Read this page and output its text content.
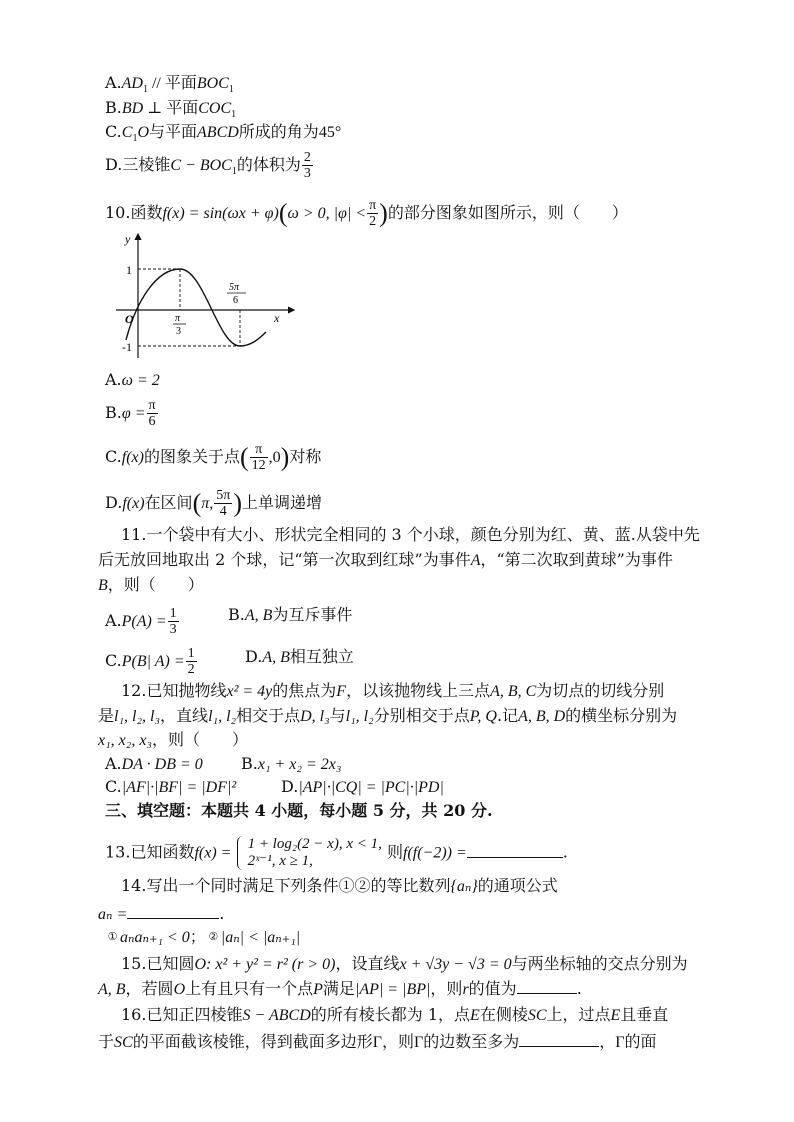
$A.AD_1$ // 平面$BOC_1$
B.BD ⊥ 平面$COC_1$
$C.C_1O$与平面ABCD所成的角为45°
D.三棱锥$C - BOC_1$的体积为 $\frac{2}{3}$
10.函数f(x) = sin(ωx + φ)(ω > 0, $|\varphi| < \frac{\pi}{2}$ )的部分图象如图所示，则（　　）
y
x
O
1
-1
π
3
5π
6
A.ω = 2
$B.\varphi = \frac{\pi}{6}$
C.f(x)的图象关于点( $\frac{\pi}{12} ,0$)对称
D.f(x)在区间(π, $\frac{5\pi}{4}$ )上单调递增
11.一个袋中有大小、形状完全相同的 3 个小球，颜色分别为红、黄、蓝.从袋中先
后无放回地取出 2 个球，记“第一次取到红球”为事件A，“第二次取到黄球”为事件
B，则（　　）
$A.P(A) = \frac{1}{3}$	B.A, B为互斥事件
C.P(B| $A) = \frac{1}{2}$	D.A, B相互独立
12.已知抛物线x² = 4y的焦点为F，以该抛物线上三点A, B, C为切点的切线分别
是l₁, l₂, l₃，直线l₁, l₂相交于点D, l₃与l₁, l₂分别相交于点P, Q.记A, B, D的横坐标分别为
x₁, x₂, x₃，则（　　）
A.DA · DB = 0 B.x₁ + x₂ = 2x₃
C.|AF|·|BF| = |DF|²	D.|AP|·|CQ| = |PC|·|PD|
三、填空题：本题共 4 小题，每小题 5 分，共 20 分.
13.已知函数f(x) =
1 + log₂(2 − x), x < 1,
2ˣ⁻¹, x ≥ 1,	则f(f(−2)) =	.
14.写出一个同时满足下列条件①②的等比数列{aₙ}的通项公式
aₙ =	.
① aₙaₙ₊₁ < 0； ② |aₙ| < |aₙ₊₁|
15.已知圆O: x² + y² = r² (r > 0)，设直线x + √3y − √3 = 0与两坐标轴的交点分别为
A, B，若圆O上有且只有一个点P满足|AP| = |BP|，则r的值为	.
16.已知正四棱锥S − ABCD的所有棱长都为 1，点E在侧棱SC上，过点E且垂直
于SC的平面截该棱锥，得到截面多边形Γ，则Γ的边数至多为	，Γ的面
